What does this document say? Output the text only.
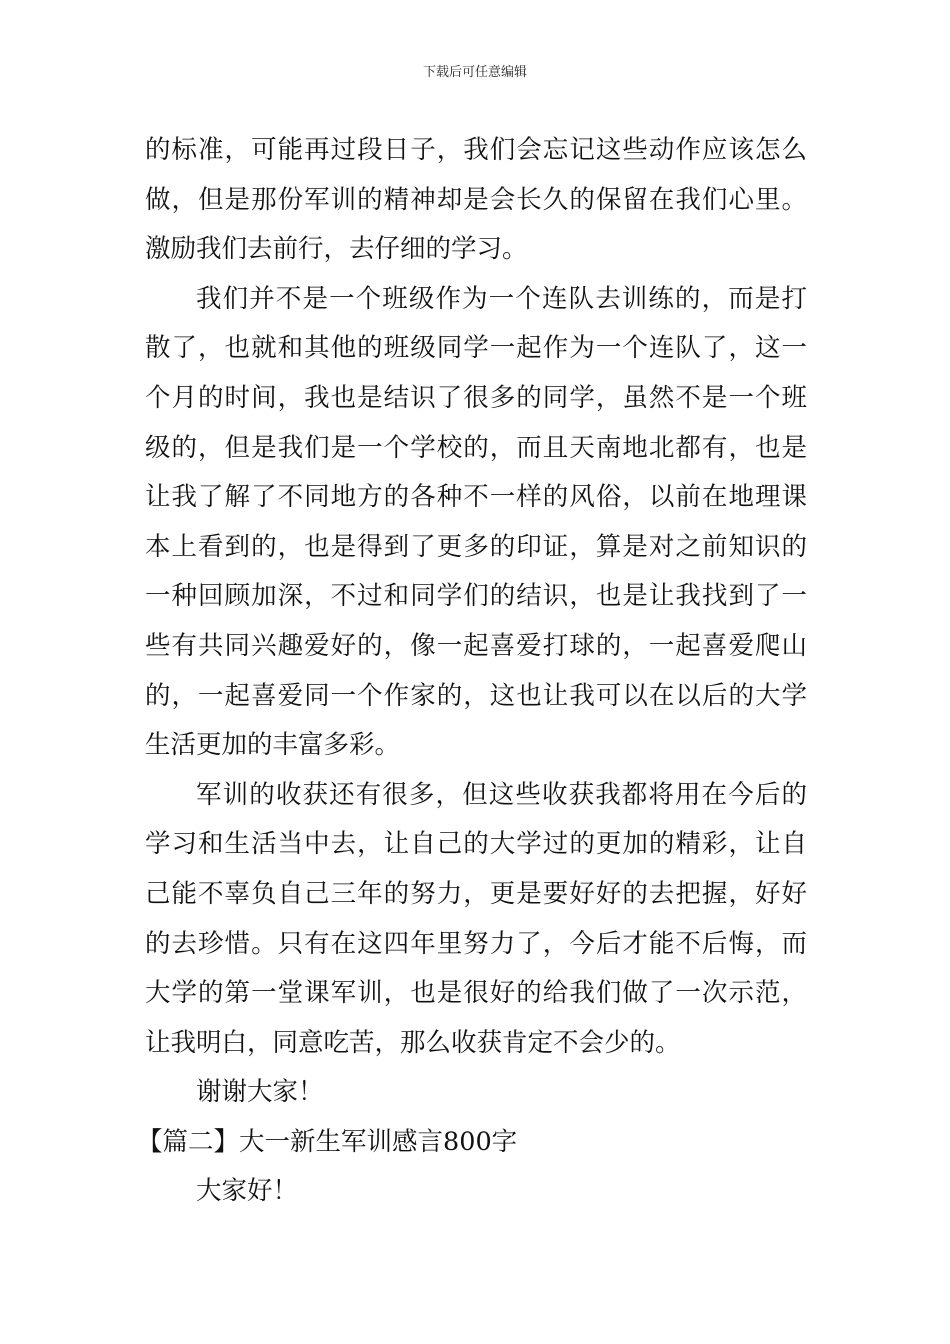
下载后可任意编辑

的标准，可能再过段日子，我们会忘记这些动作应该怎么做，但是那份军训的精神却是会长久的保留在我们心里。激励我们去前行，去仔细的学习。

我们并不是一个班级作为一个连队去训练的，而是打散了，也就和其他的班级同学一起作为一个连队了，这一个月的时间，我也是结识了很多的同学，虽然不是一个班级的，但是我们是一个学校的，而且天南地北都有，也是让我了解了不同地方的各种不一样的风俗，以前在地理课本上看到的，也是得到了更多的印证，算是对之前知识的一种回顾加深，不过和同学们的结识，也是让我找到了一些有共同兴趣爱好的，像一起喜爱打球的，一起喜爱爬山的，一起喜爱同一个作家的，这也让我可以在以后的大学生活更加的丰富多彩。

军训的收获还有很多，但这些收获我都将用在今后的学习和生活当中去，让自己的大学过的更加的精彩，让自己能不辜负自己三年的努力，更是要好好的去把握，好好的去珍惜。只有在这四年里努力了，今后才能不后悔，而大学的第一堂课军训，也是很好的给我们做了一次示范，让我明白，同意吃苦，那么收获肯定不会少的。

谢谢大家！

【篇二】大一新生军训感言800字

大家好！
